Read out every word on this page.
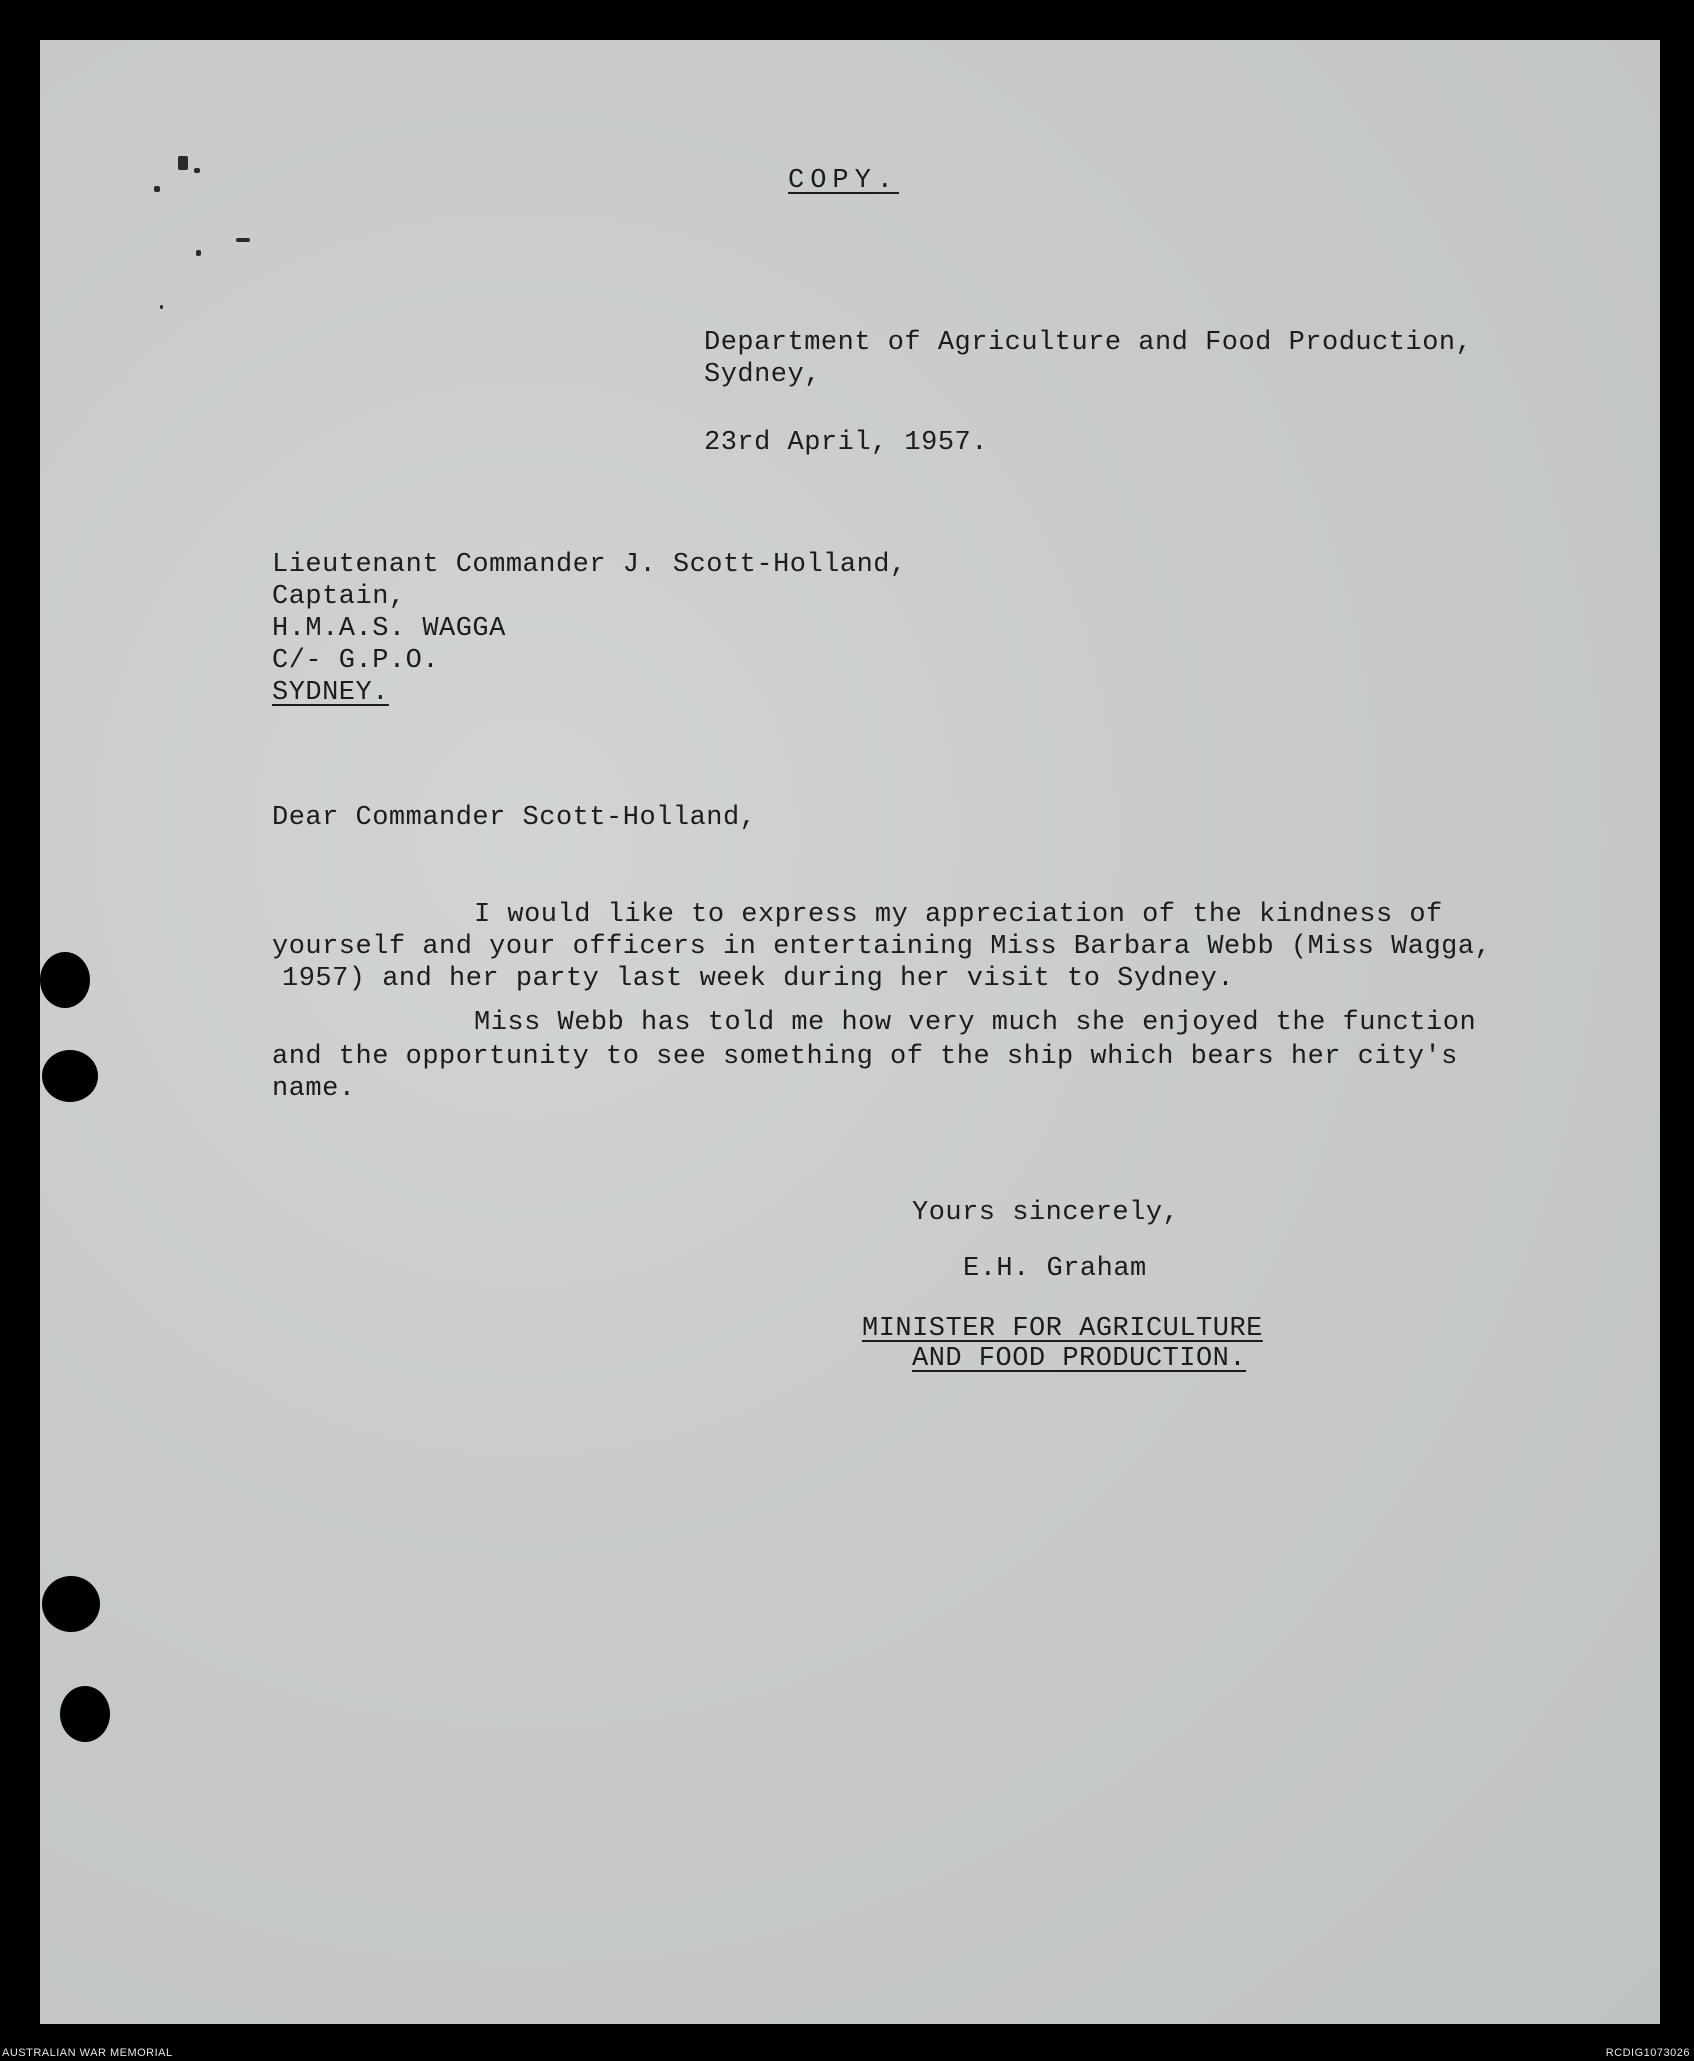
COPY.
Department of Agriculture and Food Production,
Sydney,
23rd April, 1957.
Lieutenant Commander J. Scott-Holland,
Captain,
H.M.A.S. WAGGA
C/- G.P.O.
SYDNEY.
Dear Commander Scott-Holland,
I would like to express my appreciation of the kindness of
yourself and your officers in entertaining Miss Barbara Webb (Miss Wagga,
1957) and her party last week during her visit to Sydney.
Miss Webb has told me how very much she enjoyed the function
and the opportunity to see something of the ship which bears her city's
name.
Yours sincerely,
E.H. Graham
MINISTER FOR AGRICULTURE
AND FOOD PRODUCTION.
AUSTRALIAN WAR MEMORIAL	RCDIG1073026
